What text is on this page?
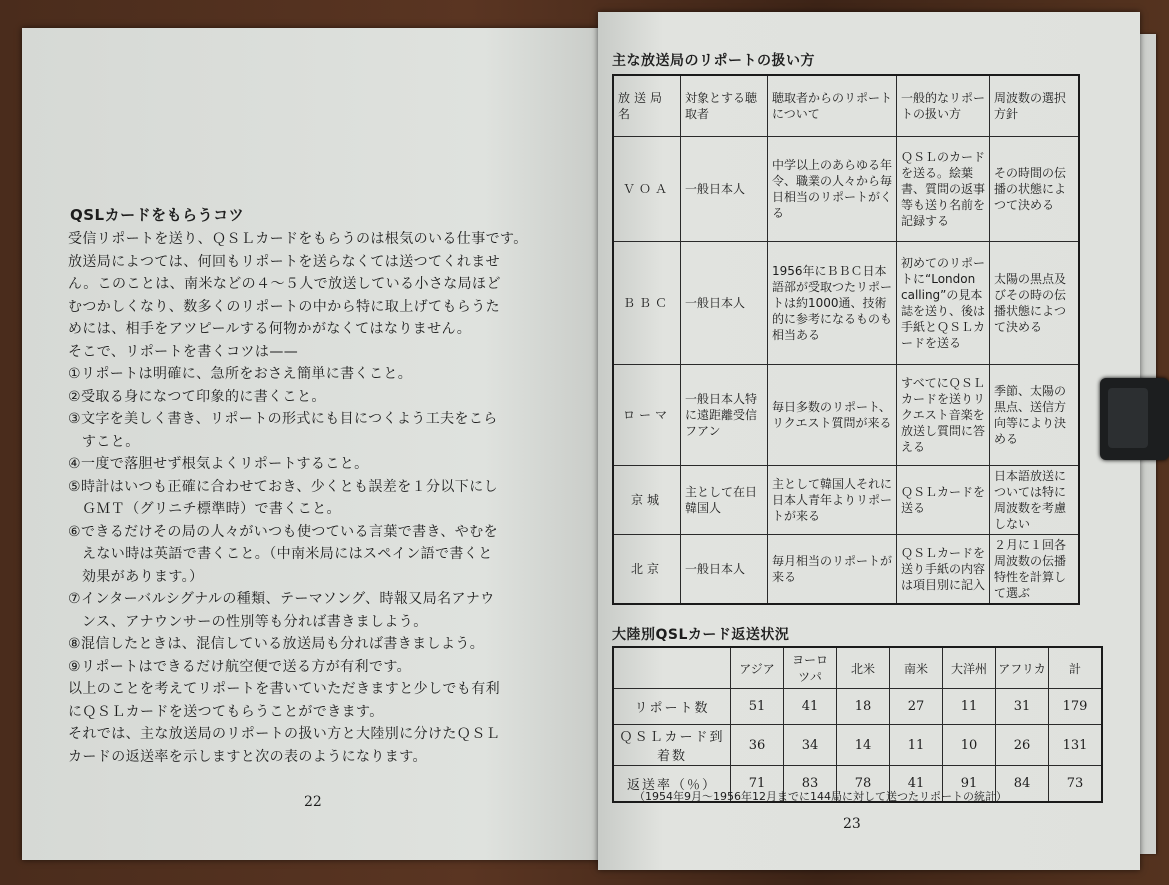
QSLカードをもらうコツ

受信リポートを送り、ＱＳＬカードをもらうのは根気のいる仕事です。

放送局によつては、何回もリポートを送らなくては送つてくれませ

ん。このことは、南米などの４〜５人で放送している小さな局ほど

むつかしくなり、数多くのリポートの中から特に取上げてもらうた

めには、相手をアツピールする何物かがなくてはなりません。

そこで、リポートを書くコツは——

①リポートは明確に、急所をおさえ簡単に書くこと。

②受取る身になつて印象的に書くこと。

③文字を美しく書き、リポートの形式にも目につくよう工夫をこら

すこと。

④一度で落胆せず根気よくリポートすること。

⑤時計はいつも正確に合わせておき、少くとも誤差を１分以下にし

ＧＭＴ（グリニチ標準時）で書くこと。

⑥できるだけその局の人々がいつも使つている言葉で書き、やむを

えない時は英語で書くこと。（中南米局にはスペイン語で書くと

効果があります。）

⑦インターバルシグナルの種類、テーマソング、時報又局名アナウ

ンス、アナウンサーの性別等も分れば書きましよう。

⑧混信したときは、混信している放送局も分れば書きましよう。

⑨リポートはできるだけ航空便で送る方が有利です。

以上のことを考えてリポートを書いていただきますと少しでも有利

にＱＳＬカードを送つてもらうことができます。

それでは、主な放送局のリポートの扱い方と大陸別に分けたＱＳＬ

カードの返送率を示しますと次の表のようになります。

22
主な放送局のリポートの扱い方
放送局名	対象とする聴取者	聴取者からのリポートについて	一般的なリポートの扱い方	周波数の選択方針
ＶＯＡ	一般日本人	中学以上のあらゆる年令、職業の人々から毎日相当のリポートがくる	ＱＳＬのカードを送る。絵葉書、質問の返事等も送り名前を記録する	その時間の伝播の状態によつて決める
ＢＢＣ	一般日本人	1956年にＢＢＣ日本語部が受取つたリポートは約1000通、技術的に参考になるものも相当ある	初めてのリポートに“London calling”の見本誌を送り、後は手紙とＱＳＬカードを送る	太陽の黒点及びその時の伝播状態によつて決める
ローマ	一般日本人特に遠距離受信フアン	毎日多数のリポート、リクエスト質問が来る	すべてにＱＳＬカードを送りリクエスト音楽を放送し質問に答える	季節、太陽の黒点、送信方向等により決める
京城	主として在日韓国人	主として韓国人それに日本人青年よりリポートが来る	ＱＳＬカードを送る	日本語放送については特に周波数を考慮しない
北京	一般日本人	毎月相当のリポートが来る	ＱＳＬカードを送り手紙の内容は項目別に記入	２月に１回各周波数の伝播特性を計算して選ぶ
大陸別QSLカード返送状況
	アジア	ヨーロツパ	北米	南米	大洋州	アフリカ	計
リポート数	51	41	18	27	11	31	179
ＱＳＬカード到着数	36	34	14	11	10	26	131
返送率（％）	71	83	78	41	91	84	73
（1954年9月〜1956年12月までに144局に対して送つたリポートの統計）
23
